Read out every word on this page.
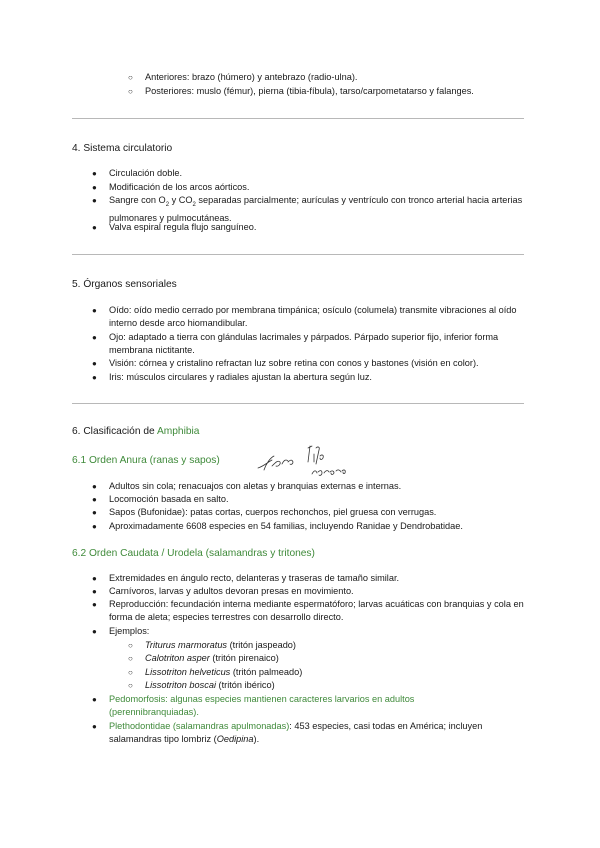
○ Anteriores: brazo (húmero) y antebrazo (radio-ulna).
○ Posteriores: muslo (fémur), pierna (tibia-fíbula), tarso/carpometatarso y falanges.
4. Sistema circulatorio
● Circulación doble.
● Modificación de los arcos aórticos.
● Sangre con $O_2$ y $CO_2$ separadas parcialmente; aurículas y ventrículo con tronco arterial hacia arterias pulmonares y pulmocutáneas.
● Valva espiral regula flujo sanguíneo.
5. Órganos sensoriales
● Oído: oído medio cerrado por membrana timpánica; osículo (columela) transmite vibraciones al oído interno desde arco hiomandibular.
● Ojo: adaptado a tierra con glándulas lacrimales y párpados. Párpado superior fijo, inferior forma membrana nictitante.
● Visión: córnea y cristalino refractan luz sobre retina con conos y bastones (visión en color).
● Iris: músculos circulares y radiales ajustan la abertura según luz.
6. Clasificación de Amphibia
6.1 Orden Anura (ranas y sapos)
● Adultos sin cola; renacuajos con aletas y branquias externas e internas.
● Locomoción basada en salto.
● Sapos (Bufonidae): patas cortas, cuerpos rechonchos, piel gruesa con verrugas.
● Aproximadamente 6608 especies en 54 familias, incluyendo Ranidae y Dendrobatidae.
6.2 Orden Caudata / Urodela (salamandras y tritones)
● Extremidades en ángulo recto, delanteras y traseras de tamaño similar.
● Carnívoros, larvas y adultos devoran presas en movimiento.
● Reproducción: fecundación interna mediante espermatóforo; larvas acuáticas con branquias y cola en forma de aleta; especies terrestres con desarrollo directo.
● Ejemplos:
○ Triturus marmoratus (tritón jaspeado)
○ Calotriton asper (tritón pirenaico)
○ Lissotriton helveticus (tritón palmeado)
○ Lissotriton boscai (tritón ibérico)
● Pedomorfosis: algunas especies mantienen caracteres larvarios en adultos (perennibranquiadas).
● Plethodontidae (salamandras apulmonadas): 453 especies, casi todas en América; incluyen salamandras tipo lombriz (Oedipina).
